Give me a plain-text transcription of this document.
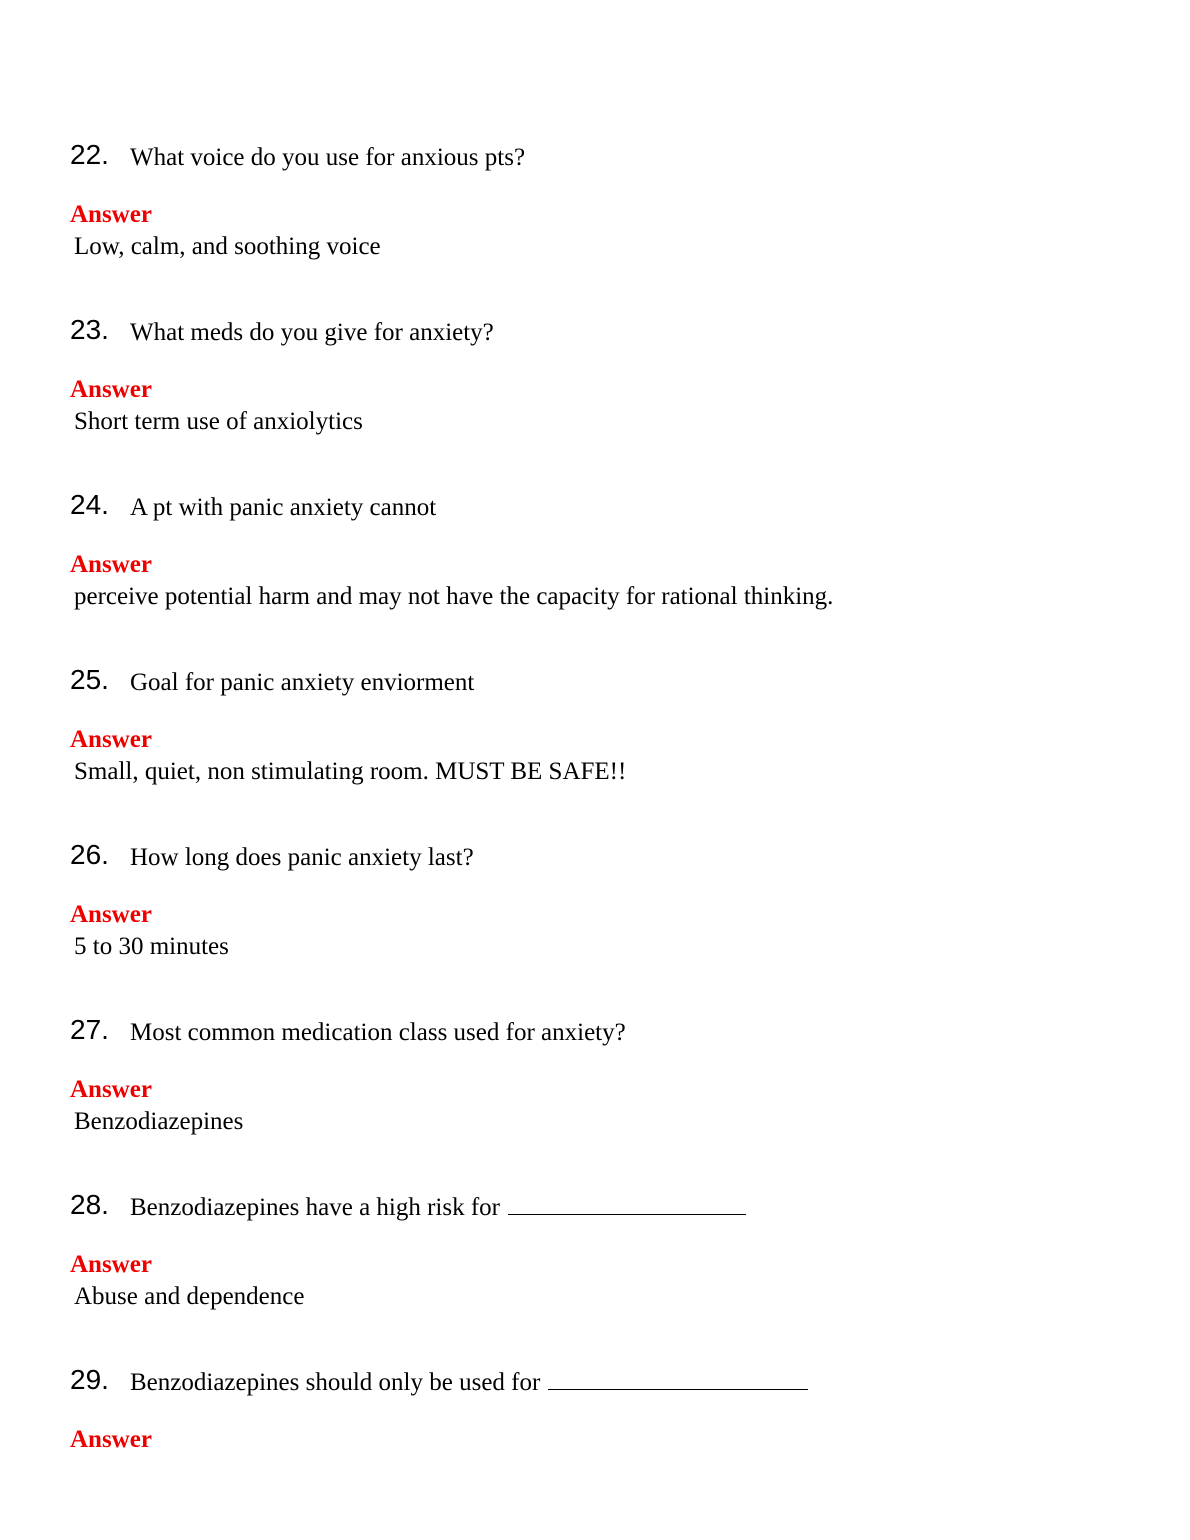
22. What voice do you use for anxious pts?
Answer
Low, calm, and soothing voice
23. What meds do you give for anxiety?
Answer
Short term use of anxiolytics
24. A pt with panic anxiety cannot
Answer
perceive potential harm and may not have the capacity for rational thinking.
25. Goal for panic anxiety enviorment
Answer
Small, quiet, non stimulating room. MUST BE SAFE!!
26. How long does panic anxiety last?
Answer
5 to 30 minutes
27. Most common medication class used for anxiety?
Answer
Benzodiazepines
28. Benzodiazepines have a high risk for
Answer
Abuse and dependence
29. Benzodiazepines should only be used for
Answer
